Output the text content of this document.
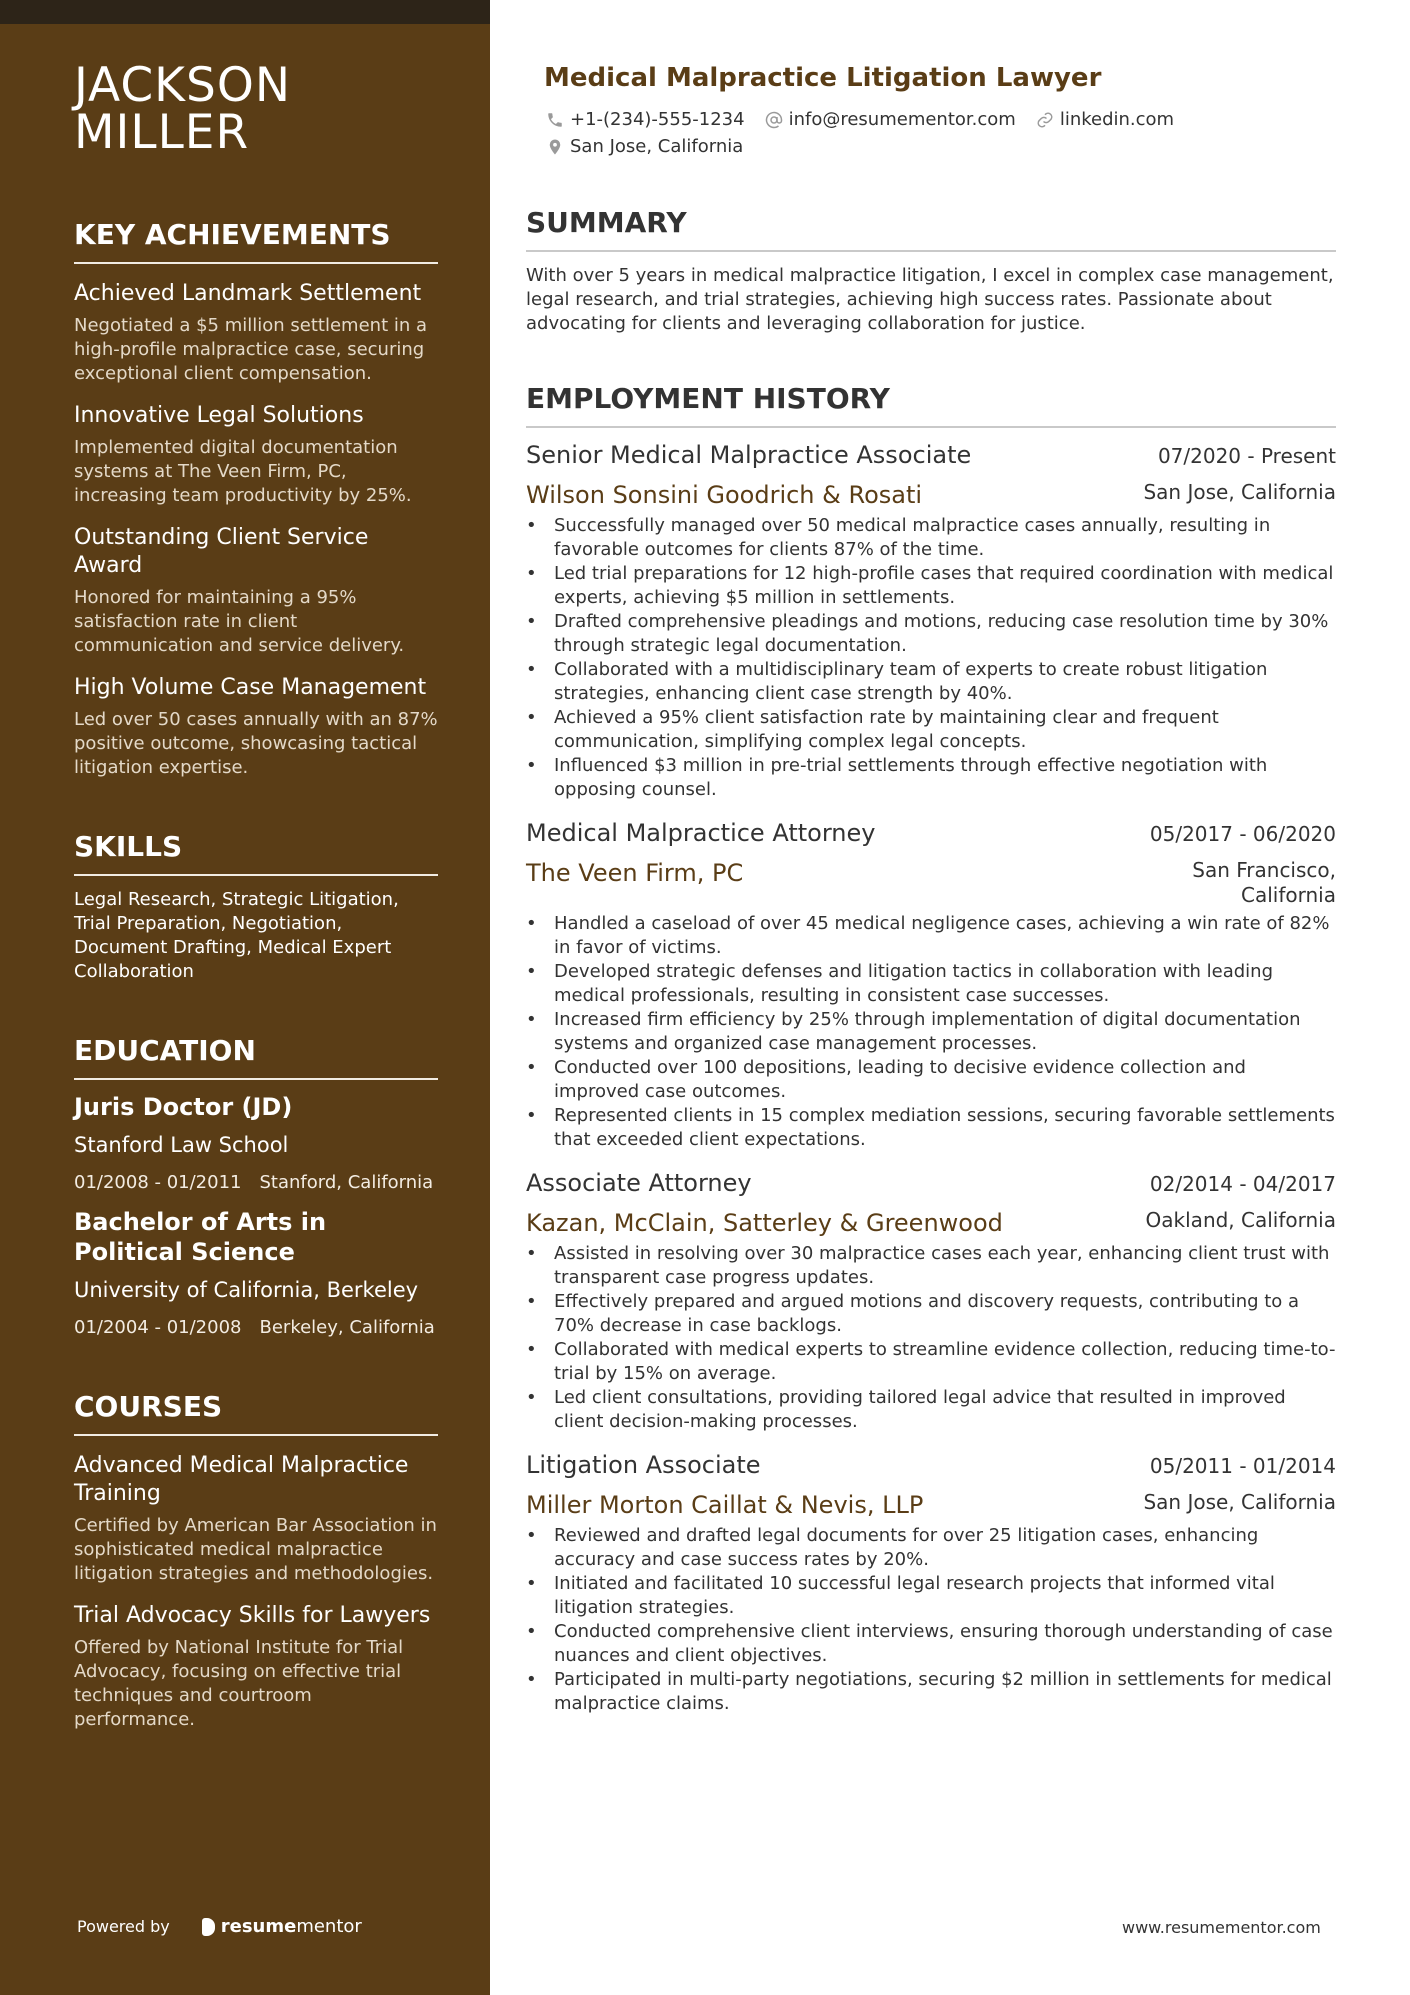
JACKSON
MILLER
KEY ACHIEVEMENTS
Achieved Landmark Settlement
Negotiated a $5 million settlement in a high-profile malpractice case, securing exceptional client compensation.
Innovative Legal Solutions
Implemented digital documentation systems at The Veen Firm, PC, increasing team productivity by 25%.
Outstanding Client Service Award
Honored for maintaining a 95% satisfaction rate in client communication and service delivery.
High Volume Case Management
Led over 50 cases annually with an 87% positive outcome, showcasing tactical litigation expertise.
SKILLS
Legal Research, Strategic Litigation, Trial Preparation, Negotiation, Document Drafting, Medical Expert Collaboration
EDUCATION
Juris Doctor (JD)
Stanford Law School
01/2008 - 01/2011 Stanford, California
Bachelor of Arts in Political Science
University of California, Berkeley
01/2004 - 01/2008 Berkeley, California
COURSES
Advanced Medical Malpractice Training
Certified by American Bar Association in sophisticated medical malpractice litigation strategies and methodologies.
Trial Advocacy Skills for Lawyers
Offered by National Institute for Trial Advocacy, focusing on effective trial techniques and courtroom performance.
Powered by	resume mentor
Medical Malpractice Litigation Lawyer
+1-(234)-555-1234 info@resumementor.com linkedin.com
San Jose, California
SUMMARY

With over 5 years in medical malpractice litigation, I excel in complex case management, legal research, and trial strategies, achieving high success rates. Passionate about advocating for clients and leveraging collaboration for justice.

EMPLOYMENT HISTORY
Senior Medical Malpractice Associate	07/2020 - Present
Wilson Sonsini Goodrich & Rosati	San Jose, California
• Successfully managed over 50 medical malpractice cases annually, resulting in favorable outcomes for clients 87% of the time.
• Led trial preparations for 12 high-profile cases that required coordination with medical experts, achieving $5 million in settlements.
• Drafted comprehensive pleadings and motions, reducing case resolution time by 30% through strategic legal documentation.
• Collaborated with a multidisciplinary team of experts to create robust litigation strategies, enhancing client case strength by 40%.
• Achieved a 95% client satisfaction rate by maintaining clear and frequent communication, simplifying complex legal concepts.
• Influenced $3 million in pre-trial settlements through effective negotiation with opposing counsel.
Medical Malpractice Attorney	05/2017 - 06/2020
The Veen Firm, PC	San Francisco, California
• Handled a caseload of over 45 medical negligence cases, achieving a win rate of 82% in favor of victims.
• Developed strategic defenses and litigation tactics in collaboration with leading medical professionals, resulting in consistent case successes.
• Increased firm efficiency by 25% through implementation of digital documentation systems and organized case management processes.
• Conducted over 100 depositions, leading to decisive evidence collection and improved case outcomes.
• Represented clients in 15 complex mediation sessions, securing favorable settlements that exceeded client expectations.
Associate Attorney	02/2014 - 04/2017
Kazan, McClain, Satterley & Greenwood	Oakland, California
• Assisted in resolving over 30 malpractice cases each year, enhancing client trust with transparent case progress updates.
• Effectively prepared and argued motions and discovery requests, contributing to a 70% decrease in case backlogs.
• Collaborated with medical experts to streamline evidence collection, reducing time-to-trial by 15% on average.
• Led client consultations, providing tailored legal advice that resulted in improved client decision-making processes.
Litigation Associate	05/2011 - 01/2014
Miller Morton Caillat & Nevis, LLP	San Jose, California
• Reviewed and drafted legal documents for over 25 litigation cases, enhancing accuracy and case success rates by 20%.
• Initiated and facilitated 10 successful legal research projects that informed vital litigation strategies.
• Conducted comprehensive client interviews, ensuring thorough understanding of case nuances and client objectives.
• Participated in multi-party negotiations, securing $2 million in settlements for medical malpractice claims.
www.resumementor.com
